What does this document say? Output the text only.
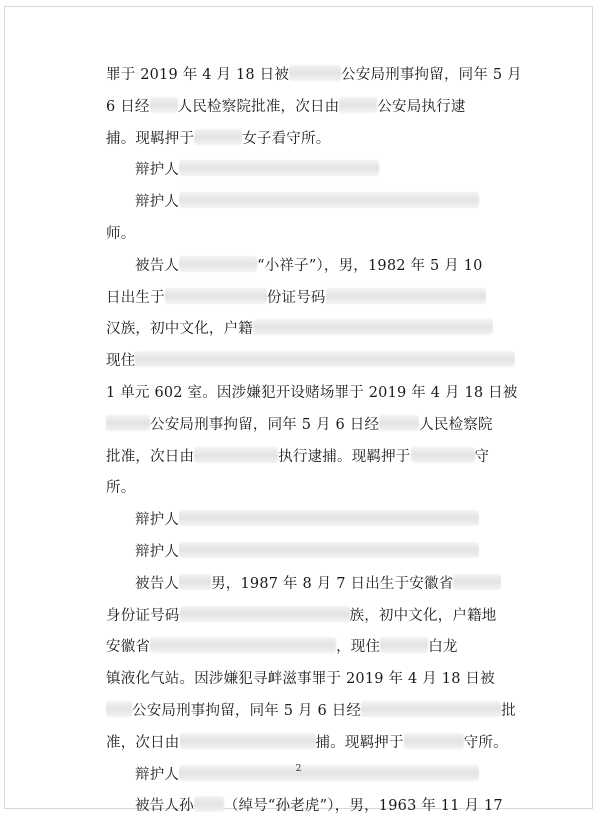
罪于 2019 年 4 月 18 日被	公安局刑事拘留，同年 5 月
6 日经 人民检察院批准，次日由	公安局执行逮
捕。现羁押于	女子看守所。
辩护人
辩护人
师。
被告人	“小祥子”），男，1982 年 5 月 10
日出生于	份证号码
汉族，初中文化，户籍
现住
1 单元 602 室。因涉嫌犯开设赌场罪于 2019 年 4 月 18 日被
公安局刑事拘留，同年 5 月 6 日经	人民检察院
批准，次日由	执行逮捕。现羁押于	守
所。
辩护人
辩护人
被告人 男，1987 年 8 月 7 日出生于安徽省
身份证号码	族，初中文化，户籍地
安徽省	，现住	白龙
镇液化气站。因涉嫌犯寻衅滋事罪于 2019 年 4 月 18 日被
公安局刑事拘留，同年 5 月 6 日经	批
准，次日由	捕。现羁押于	守所。
辩护人
被告人孙 （绰号“孙老虎”），男，1963 年 11 月 17
2
